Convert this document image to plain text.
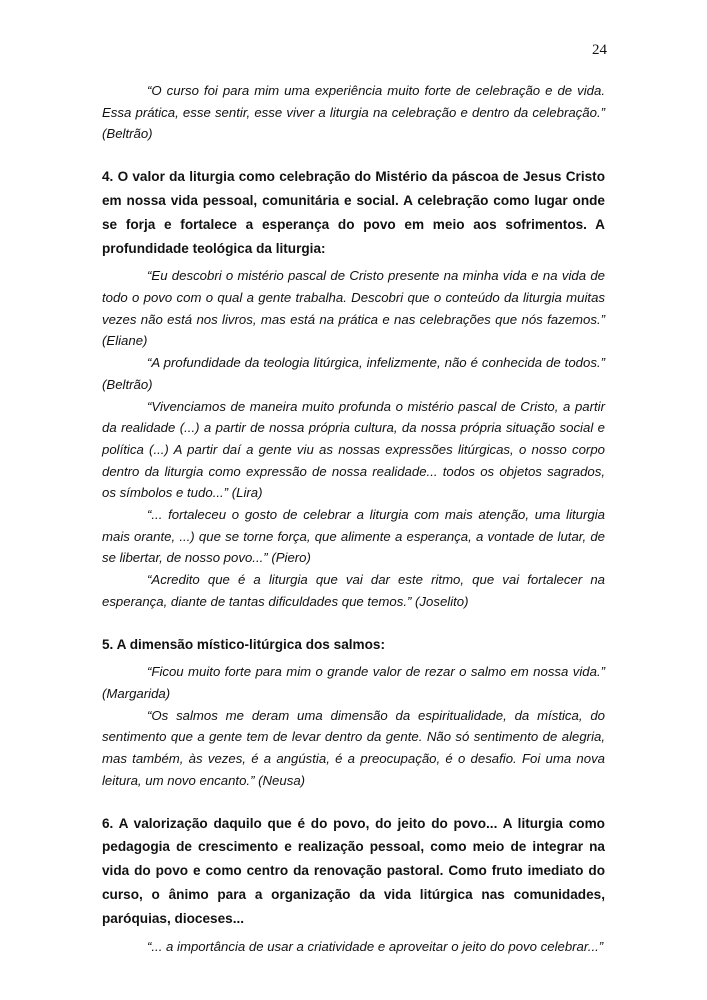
24

“O curso foi para mim uma experiência muito forte de celebração e de vida. Essa prática, esse sentir, esse viver a liturgia na celebração e dentro da celebração.” (Beltrão)

4. O valor da liturgia como celebração do Mistério da páscoa de Jesus Cristo em nossa vida pessoal, comunitária e social. A celebração como lugar onde se forja e fortalece a esperança do povo em meio aos sofrimentos. A profundidade teológica da liturgia:

“Eu descobri o mistério pascal de Cristo presente na minha vida e na vida de todo o povo com o qual a gente trabalha. Descobri que o conteúdo da liturgia muitas vezes não está nos livros, mas está na prática e nas celebrações que nós fazemos.” (Eliane)

“A profundidade da teologia litúrgica, infelizmente, não é conhecida de todos.” (Beltrão)

“Vivenciamos de maneira muito profunda o mistério pascal de Cristo, a partir da realidade (...) a partir de nossa própria cultura, da nossa própria situação social e política (...) A partir daí a gente viu as nossas expressões litúrgicas, o nosso corpo dentro da liturgia como expressão de nossa realidade... todos os objetos sagrados, os símbolos e tudo...” (Lira)

“... fortaleceu o gosto de celebrar a liturgia com mais atenção, uma liturgia mais orante, ...) que se torne força, que alimente a esperança, a vontade de lutar, de se libertar, de nosso povo...” (Piero)

“Acredito que é a liturgia que vai dar este ritmo, que vai fortalecer na esperança, diante de tantas dificuldades que temos.” (Joselito)

5. A dimensão místico-litúrgica dos salmos:

“Ficou muito forte para mim o grande valor de rezar o salmo em nossa vida.” (Margarida)

“Os salmos me deram uma dimensão da espiritualidade, da mística, do sentimento que a gente tem de levar dentro da gente. Não só sentimento de alegria, mas também, às vezes, é a angústia, é a preocupação, é o desafio. Foi uma nova leitura, um novo encanto.” (Neusa)

6. A valorização daquilo que é do povo, do jeito do povo... A liturgia como pedagogia de crescimento e realização pessoal, como meio de integrar na vida do povo e como centro da renovação pastoral. Como fruto imediato do curso, o ânimo para a organização da vida litúrgica nas comunidades, paróquias, dioceses...

“... a importância de usar a criatividade e aproveitar o jeito do povo celebrar...”
